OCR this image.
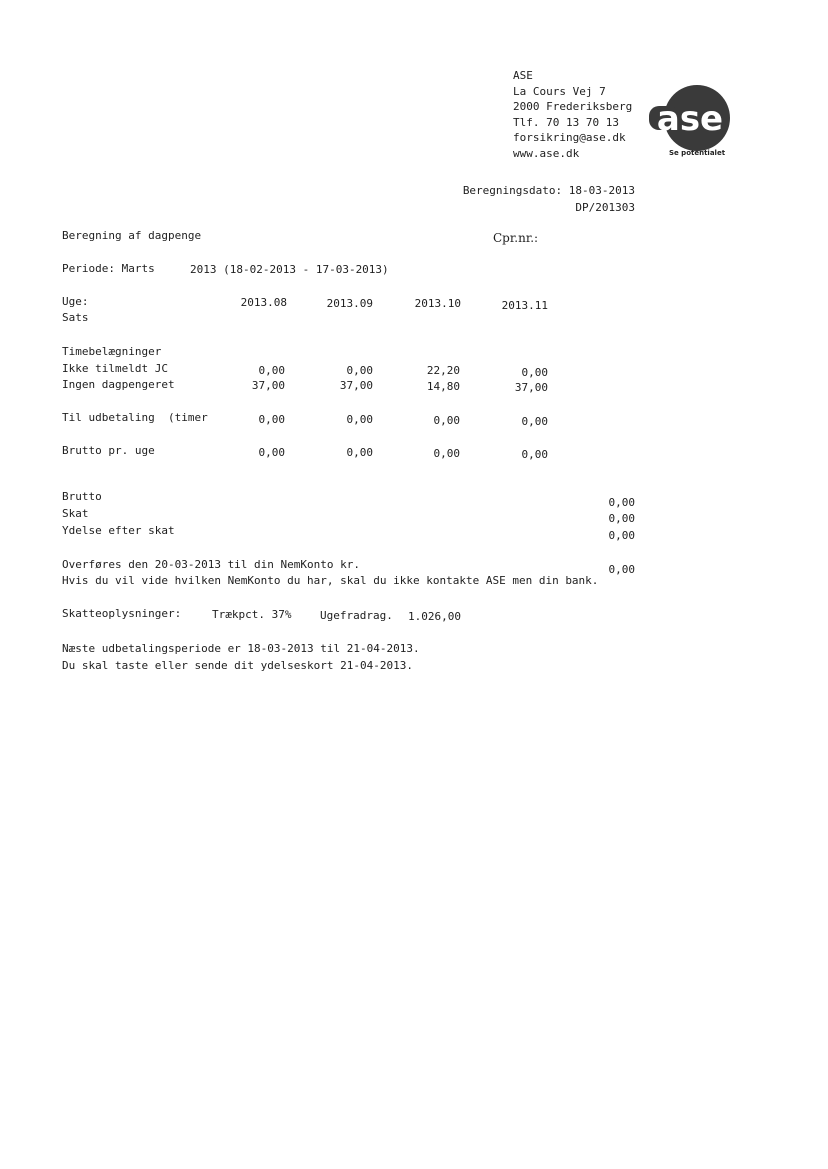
ASE
La Cours Vej 7
2000 Frederiksberg
Tlf. 70 13 70 13
forsikring@ase.dk
www.ase.dk
ase
Se potentialet
Beregningsdato: 18-03-2013
DP/201303
Beregning af dagpenge	Cpr.nr.:
Periode: Marts	2013 (18-02-2013 - 17-03-2013)
Uge:
Sats
2013.08	2013.09	2013.10	2013.11
Timebelægninger
Ikke tilmeldt JC	0,00	0,00	22,20	0,00
Ingen dagpengeret	37,00	37,00	14,80	37,00
Til udbetaling  (timer	0,00	0,00	0,00	0,00
Brutto pr. uge	0,00	0,00	0,00	0,00
Brutto	0,00
Skat	0,00
Ydelse efter skat	0,00
Overføres den 20-03-2013 til din NemKonto kr.	0,00
Hvis du vil vide hvilken NemKonto du har, skal du ikke kontakte ASE men din bank.
Skatteoplysninger:	Trækpct. 37%	Ugefradrag. 1.026,00
Næste udbetalingsperiode er 18-03-2013 til 21-04-2013.
Du skal taste eller sende dit ydelseskort 21-04-2013.
